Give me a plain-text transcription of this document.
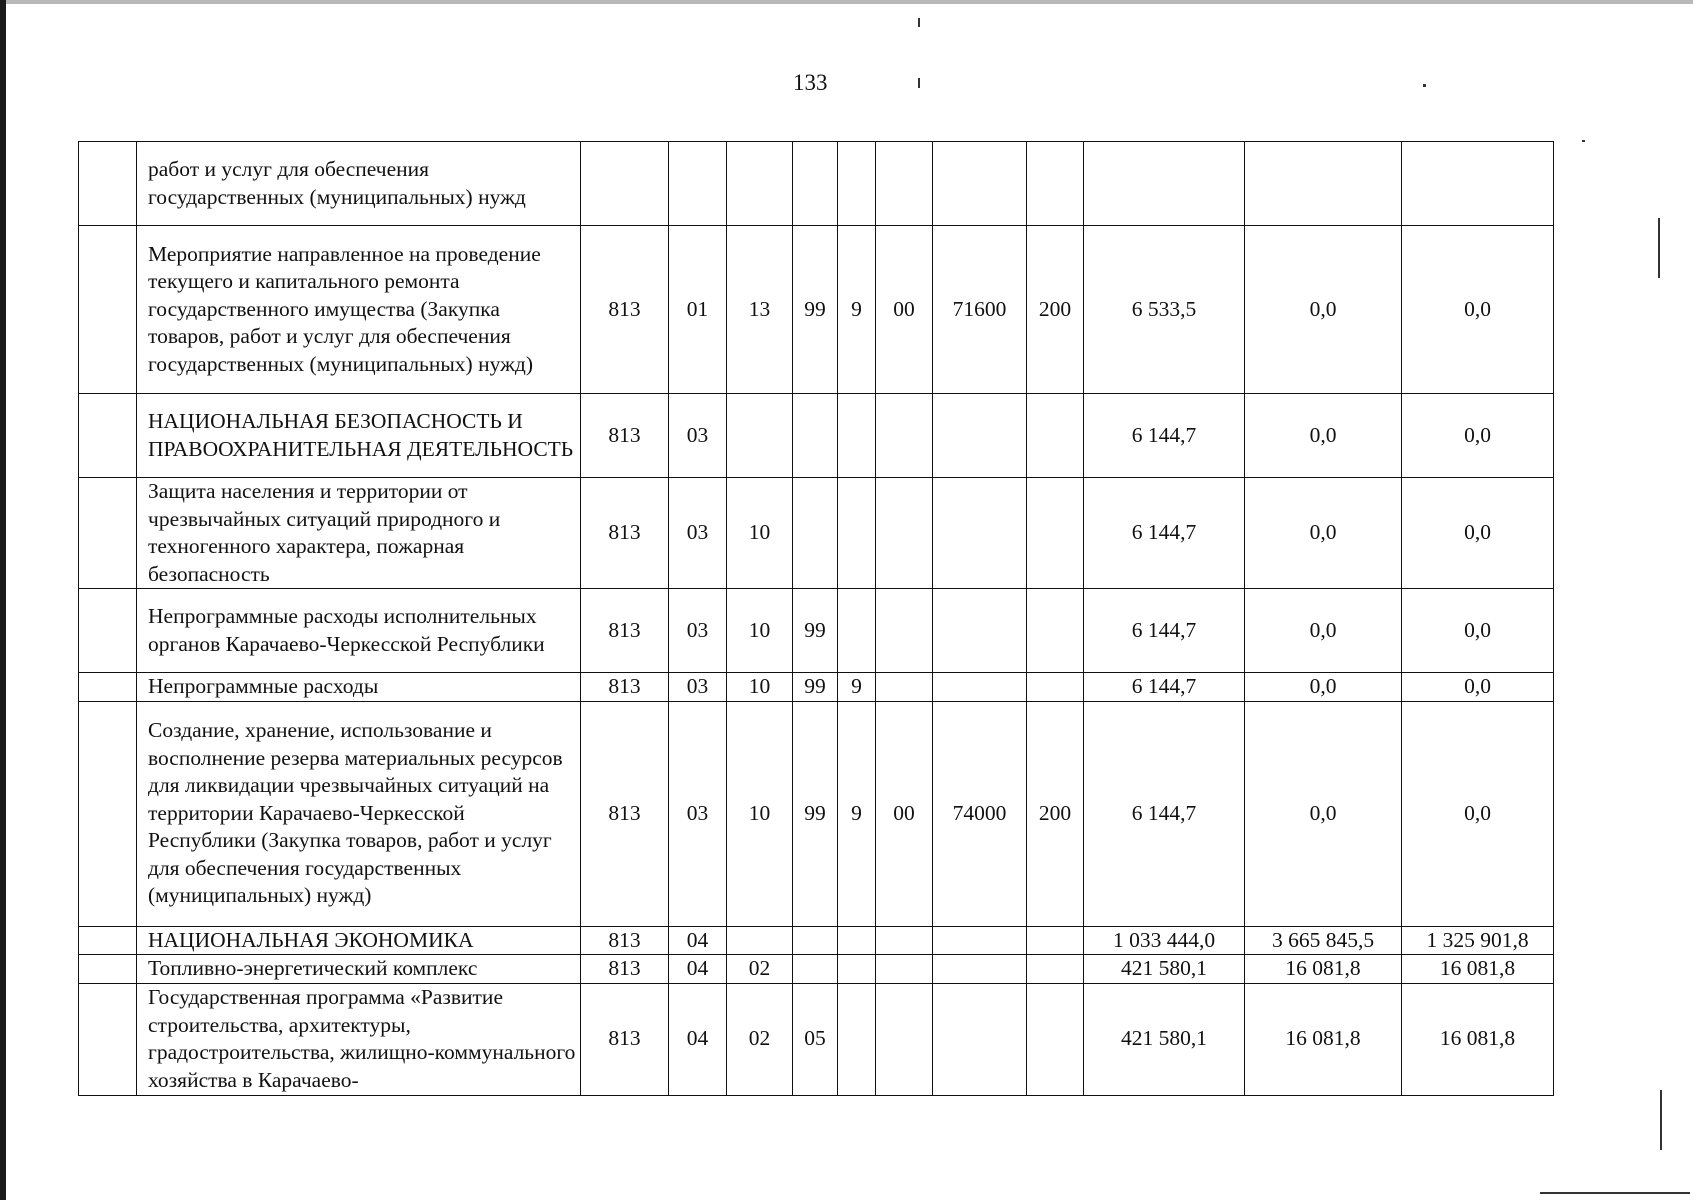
133
	работ и услуг для обеспечения государственных (муниципальных) нужд											
	Мероприятие направленное на проведение текущего и капитального ремонта государственного имущества (Закупка товаров, работ и услуг для обеспечения государственных (муниципальных) нужд)	813	01	13	99	9	00	71600	200	6 533,5	0,0	0,0
	НАЦИОНАЛЬНАЯ БЕЗОПАСНОСТЬ И ПРАВООХРАНИТЕЛЬНАЯ ДЕЯТЕЛЬНОСТЬ	813	03							6 144,7	0,0	0,0
	Защита населения и территории от чрезвычайных ситуаций природного и техногенного характера, пожарная безопасность	813	03	10						6 144,7	0,0	0,0
	Непрограммные расходы исполнительных органов Карачаево-Черкесской Республики	813	03	10	99					6 144,7	0,0	0,0
	Непрограммные расходы	813	03	10	99	9				6 144,7	0,0	0,0
	Создание, хранение, использование и восполнение резерва материальных ресурсов для ликвидации чрезвычайных ситуаций на территории Карачаево-Черкесской Республики (Закупка товаров, работ и услуг для обеспечения государственных (муниципальных) нужд)	813	03	10	99	9	00	74000	200	6 144,7	0,0	0,0
	НАЦИОНАЛЬНАЯ ЭКОНОМИКА	813	04							1 033 444,0	3 665 845,5	1 325 901,8
	Топливно-энергетический комплекс	813	04	02						421 580,1	16 081,8	16 081,8
	Государственная программа «Развитие строительства, архитектуры, градостроительства, жилищно-коммунального хозяйства в Карачаево-	813	04	02	05					421 580,1	16 081,8	16 081,8
